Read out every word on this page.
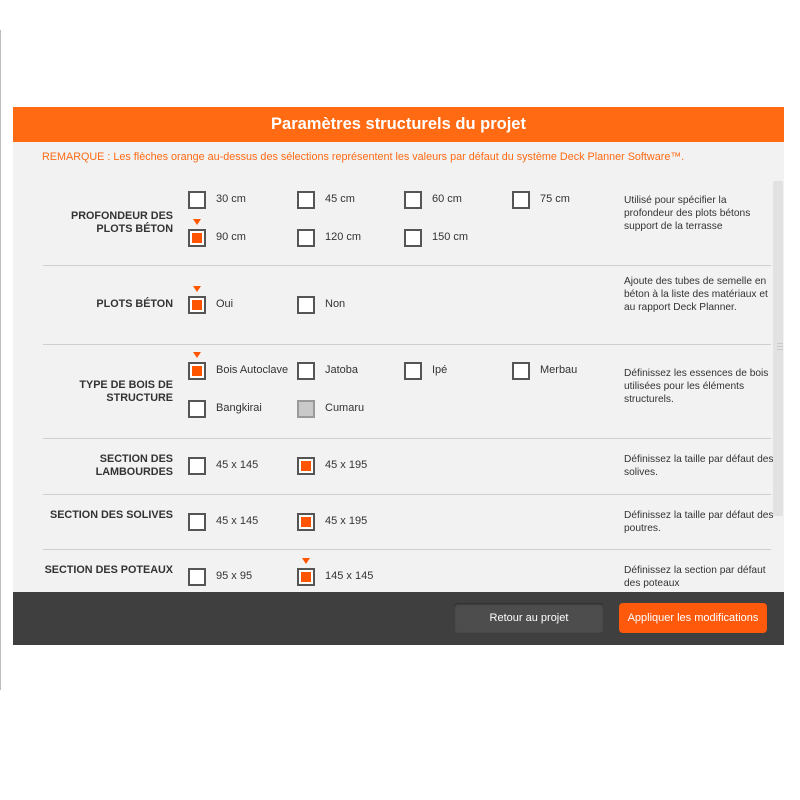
Paramètres structurels du projet
REMARQUE : Les flèches orange au-dessus des sélections représentent les valeurs par défaut du système Deck Planner Software™.
PROFONDEUR DES PLOTS BÉTON
30 cm	45 cm	60 cm	75 cm
90 cm	120 cm	150 cm
Utilisé pour spécifier la profondeur des plots bétons support de la terrasse
PLOTS BÉTON	Oui	Non
Ajoute des tubes de semelle en béton à la liste des matériaux et au rapport Deck Planner.
TYPE DE BOIS DE STRUCTURE
Bois Autoclave	Jatoba	Ipé	Merbau
Bangkirai	Cumaru
Définissez les essences de bois utilisées pour les éléments structurels.
SECTION DES LAMBOURDES
45 x 145	45 x 195	Définissez la taille par défaut des solives.
SECTION DES SOLIVES	45 x 145	45 x 195	Définissez la taille par défaut des poutres.
SECTION DES POTEAUX	95 x 95	145 x 145	Définissez la section par défaut des poteaux
Retour au projet	Appliquer les modifications
